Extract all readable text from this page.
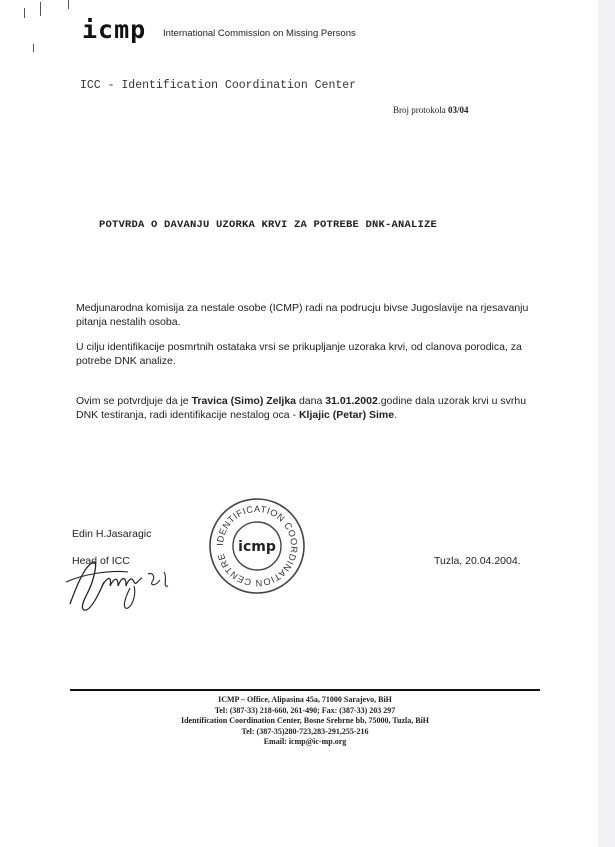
icmp International Commission on Missing Persons
ICC - Identification Coordination Center
Broj protokola 03/04
POTVRDA O DAVANJU UZORKA KRVI ZA POTREBE DNK-ANALIZE

Medjunarodna komisija za nestale osobe (ICMP) radi na podrucju bivse Jugoslavije na rjesavanju pitanja nestalih osoba.

U cilju identifikacije posmrtnih ostataka vrsi se prikupljanje uzoraka krvi, od clanova porodica, za potrebe DNK analize.

Ovim se potvrdjuje da je Travica (Simo) Zeljka dana 31.01.2002.godine dala uzorak krvi u svrhu DNK testiranja, radi identifikacije nestalog oca - Kljajic (Petar) Sime.

Edin H.Jasaragic
Head of ICC	Tuzla, 20.04.2004.
IDENTIFICATION COORDINATION CENTRE
icmp
ICMP – Office, Alipasina 45a, 71000 Sarajevo, BiH
Tel: (387-33) 218-660, 261-490; Fax: (387-33) 203 297
Identification Coordination Center, Bosne Srebrne bb, 75000, Tuzla, BiH
Tel: (387-35)280-723,283-291,255-216
Email: icmp@ic-mp.org
